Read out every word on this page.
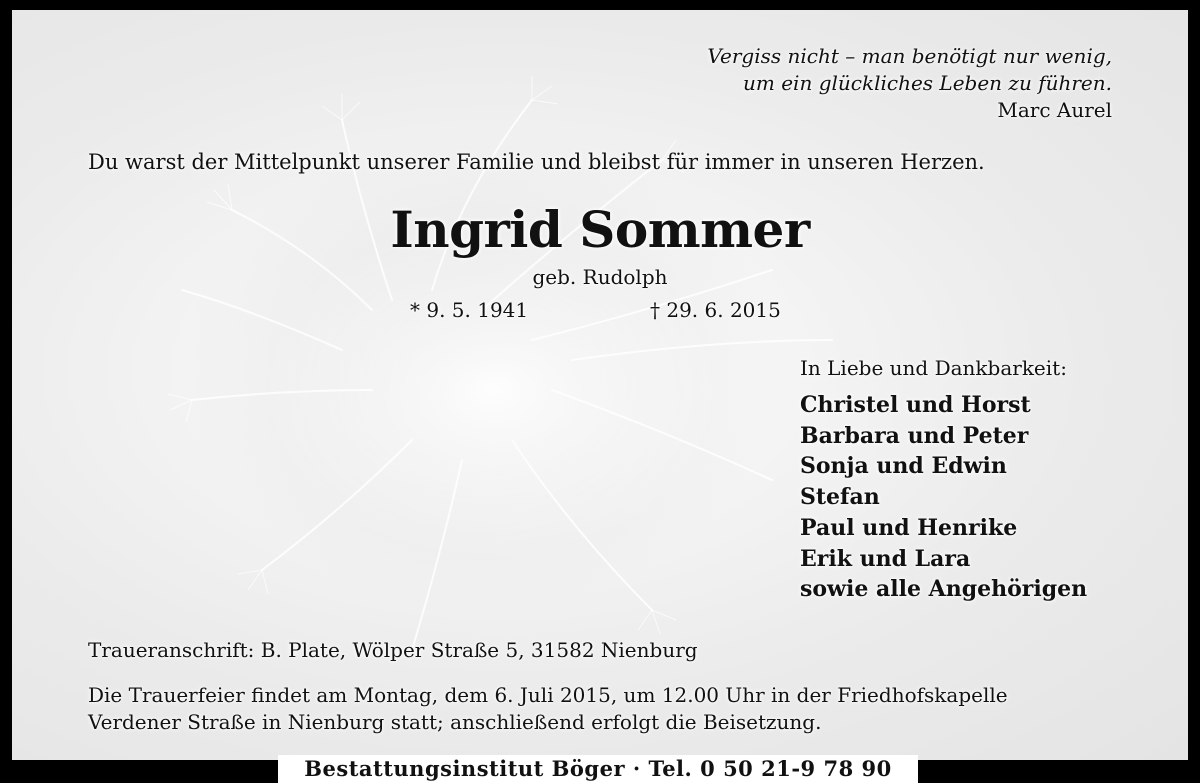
Vergiss nicht – man benötigt nur wenig,
um ein glückliches Leben zu führen.
Marc Aurel
Du warst der Mittelpunkt unserer Familie und bleibst für immer in unseren Herzen.
Ingrid Sommer
geb. Rudolph
* 9. 5. 1941	† 29. 6. 2015
In Liebe und Dankbarkeit:
Christel und Horst
Barbara und Peter
Sonja und Edwin
Stefan
Paul und Henrike
Erik und Lara
sowie alle Angehörigen
Traueranschrift: B. Plate, Wölper Straße 5, 31582 Nienburg
Die Trauerfeier findet am Montag, dem 6. Juli 2015, um 12.00 Uhr in der Friedhofskapelle
Verdener Straße in Nienburg statt; anschließend erfolgt die Beisetzung.
Bestattungsinstitut Böger · Tel. 0 50 21-9 78 90
